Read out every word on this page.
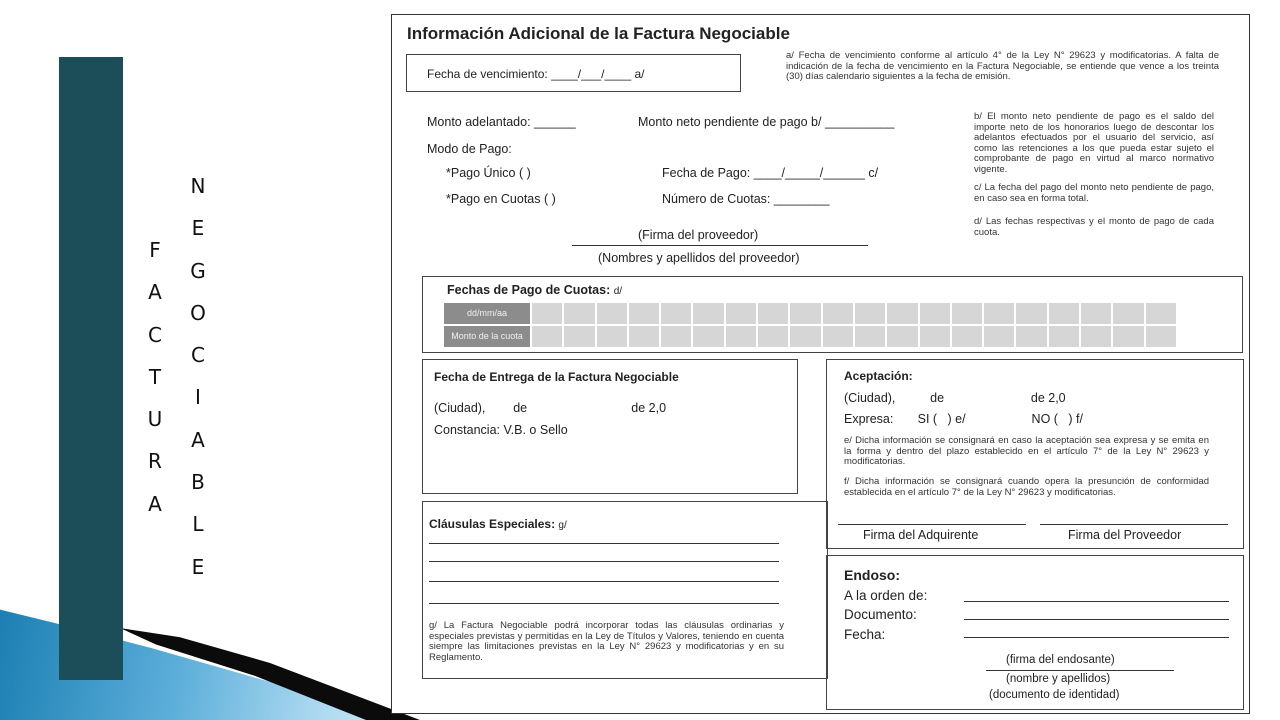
F
A
C
T
U
R
A
N
E
G
O
C
I
A
B
L
E
Información Adicional de la Factura Negociable
Fecha de vencimiento: ____/___/____ a/
a/ Fecha de vencimiento conforme al artículo 4° de la Ley N° 29623 y modificatorias. A falta de indicación de la fecha de vencimiento en la Factura Negociable, se entiende que vence a los treinta (30) días calendario siguientes a la fecha de emisión.
Monto adelantado: ______	Monto neto pendiente de pago b/ __________
Modo de Pago:
*Pago Único ( )	Fecha de Pago: ____/_____/______ c/
*Pago en Cuotas ( )	Número de Cuotas: ________
(Firma del proveedor)
(Nombres y apellidos del proveedor)
b/ El monto neto pendiente de pago es el saldo del importe neto de los honorarios luego de descontar los adelantos efectuados por el usuario del servicio, así como las retenciones a los que pueda estar sujeto el comprobante de pago en virtud al marco normativo vigente.
c/ La fecha del pago del monto neto pendiente de pago, en caso sea en forma total.
d/ Las fechas respectivas y el monto de pago de cada cuota.
Fechas de Pago de Cuotas: d/
dd/mm/aa
Monto de la cuota
Fecha de Entrega de la Factura Negociable
(Ciudad),        de                              de 2,0
Constancia: V.B. o Sello
Aceptación:
(Ciudad),          de                         de 2,0
Expresa:       SI (   ) e/                   NO (   ) f/
e/ Dicha información se consignará en caso la aceptación sea expresa y se emita en la forma y dentro del plazo establecido en el artículo 7° de la Ley N° 29623 y modificatorias.
f/ Dicha información se consignará cuando opera la presunción de conformidad establecida en el artículo 7° de la Ley N° 29623 y modificatorias.
Firma del Adquirente	Firma del Proveedor
Cláusulas Especiales: g/
g/ La Factura Negociable podrá incorporar todas las cláusulas ordinarias y especiales previstas y permitidas en la Ley de Títulos y Valores, teniendo en cuenta siempre las limitaciones previstas en la Ley N° 29623 y modificatorias y en su Reglamento.
Endoso:
A la orden de:
Documento:
Fecha:
(firma del endosante)
(nombre y apellidos)
(documento de identidad)
